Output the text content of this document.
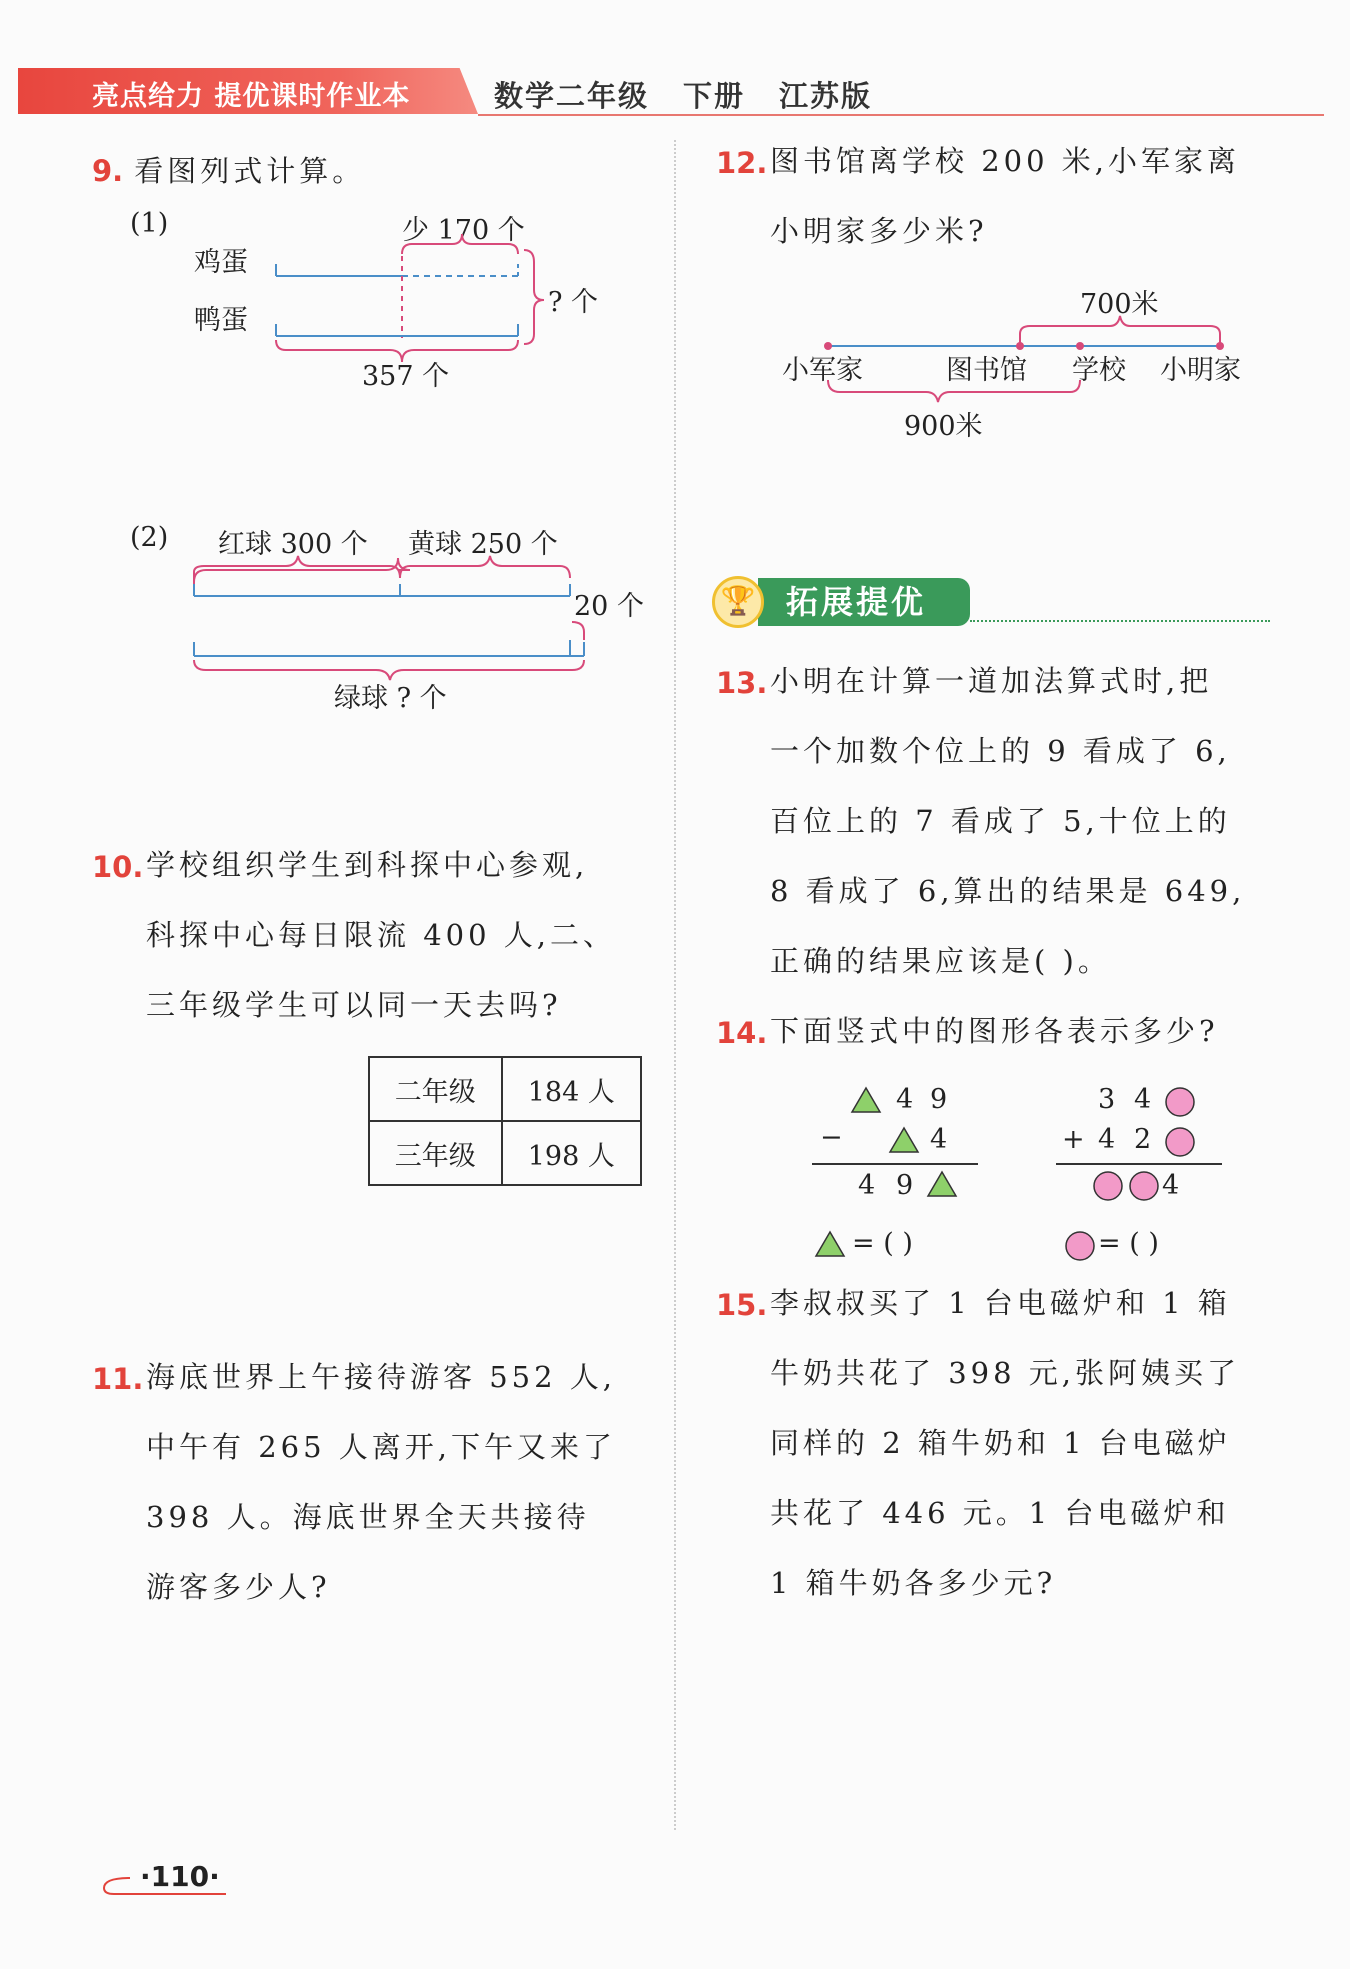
亮点给力 提优课时作业本	数学二年级 下册 江苏版
9. 看图列式计算。
(1)
鸡蛋
鸭蛋
少 170 个
? 个
357 个
(2) 红球 300 个 黄球 250 个
20 个
绿球 ? 个
10. 学校组织学生到科探中心参观,
科探中心每日限流 400 人,二、
三年级学生可以同一天去吗?
二年级	184 人
三年级	198 人
11. 海底世界上午接待游客 552 人,
中午有 265 人离开,下午又来了
398 人。海底世界全天共接待
游客多少人?
12. 图书馆离学校 200 米,小军家离
小明家多少米?
700米
小军家	图书馆 学校 小明家
900米
拓展提优
🏆
13. 小明在计算一道加法算式时,把
一个加数个位上的 9 看成了 6,
百位上的 7 看成了 5,十位上的
8 看成了 6,算出的结果是 649,
正确的结果应该是( )。
14. 下面竖式中的图形各表示多少?
4 9
−	4
4 9
= ( )
3 4
+ 4 2
4
= ( )
15. 李叔叔买了 1 台电磁炉和 1 箱
牛奶共花了 398 元,张阿姨买了
同样的 2 箱牛奶和 1 台电磁炉
共花了 446 元。1 台电磁炉和
1 箱牛奶各多少元?
·110·
